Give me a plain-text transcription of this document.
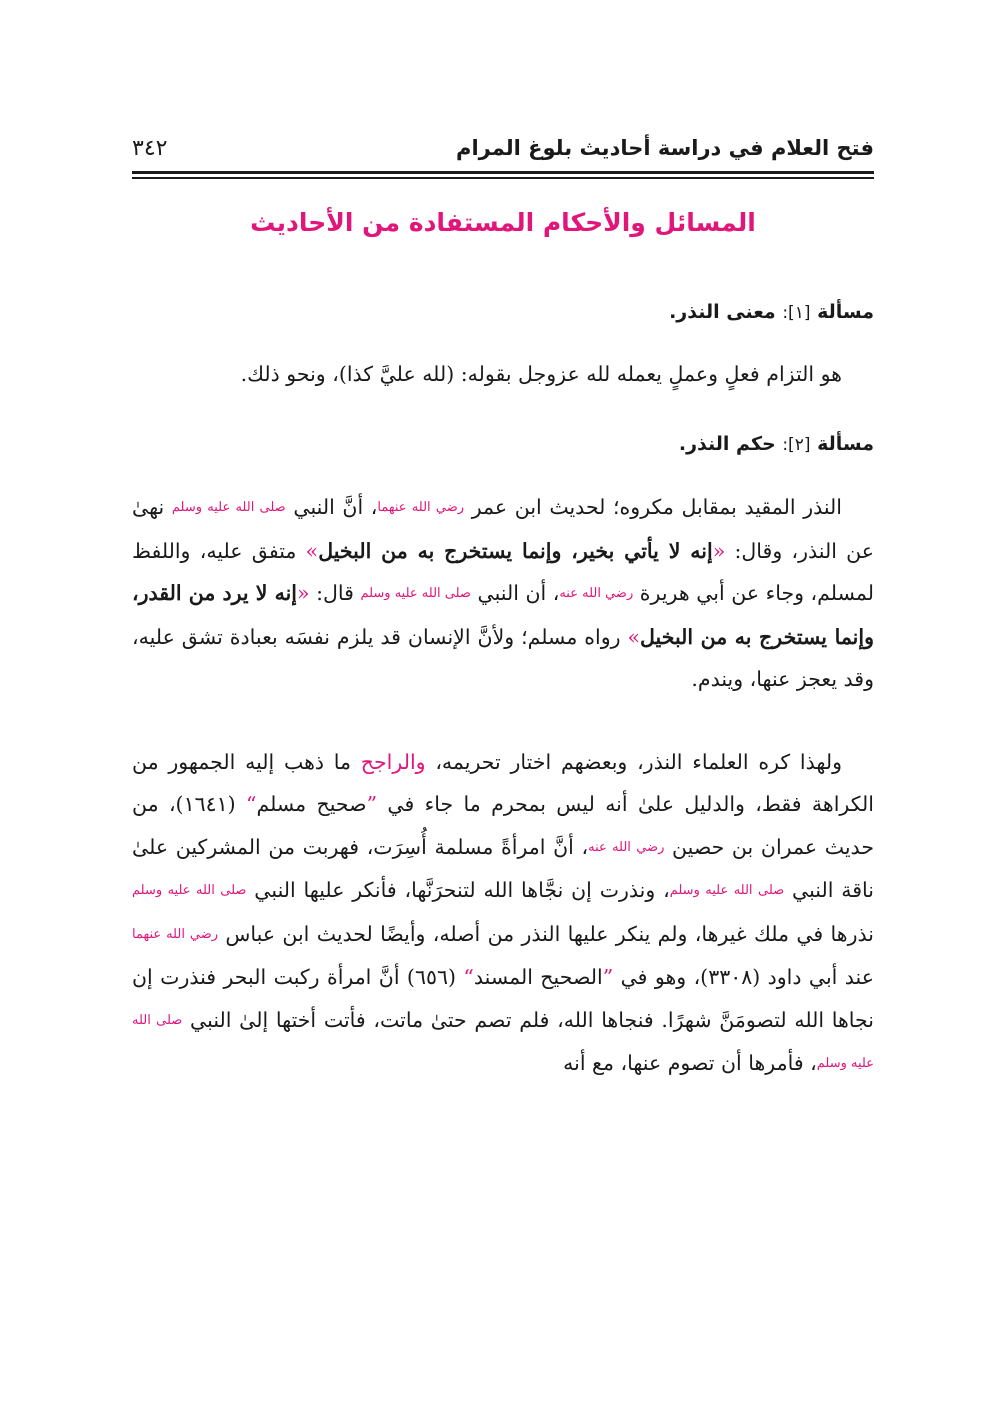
فتح العلام في دراسة أحاديث بلوغ المرام
٣٤٢
المسائل والأحكام المستفادة من الأحاديث

مسألة [١]: معنى النذر.

هو التزام فعلٍ وعملٍ يعمله لله عزوجل بقوله: (لله عليَّ كذا)، ونحو ذلك.

مسألة [٢]: حكم النذر.

النذر المقيد بمقابل مكروه؛ لحديث ابن عمر رضي الله عنهما، أنَّ النبي صلى الله عليه وسلم نهىٰ عن النذر، وقال: «إنه لا يأتي بخير، وإنما يستخرج به من البخيل» متفق عليه، واللفظ لمسلم، وجاء عن أبي هريرة رضي الله عنه، أن النبي صلى الله عليه وسلم قال: «إنه لا يرد من القدر، وإنما يستخرج به من البخيل» رواه مسلم؛ ولأنَّ الإنسان قد يلزم نفسَه بعبادة تشق عليه، وقد يعجز عنها، ويندم.

ولهذا كره العلماء النذر، وبعضهم اختار تحريمه، والراجح ما ذهب إليه الجمهور من الكراهة فقط، والدليل علىٰ أنه ليس بمحرم ما جاء في ”صحيح مسلم“ (١٦٤١)، من حديث عمران بن حصين رضي الله عنه، أنَّ امرأةً مسلمة أُسِرَت، فهربت من المشركين علىٰ ناقة النبي صلى الله عليه وسلم، ونذرت إن نجَّاها الله لتنحرَنَّها، فأنكر عليها النبي صلى الله عليه وسلم نذرها في ملك غيرها، ولم ينكر عليها النذر من أصله، وأيضًا لحديث ابن عباس رضي الله عنهما عند أبي داود (٣٣٠٨)، وهو في ”الصحيح المسند“ (٦٥٦) أنَّ امرأة ركبت البحر فنذرت إن نجاها الله لتصومَنَّ شهرًا. فنجاها الله، فلم تصم حتىٰ ماتت، فأتت أختها إلىٰ النبي صلى الله عليه وسلم، فأمرها أن تصوم عنها، مع أنه
